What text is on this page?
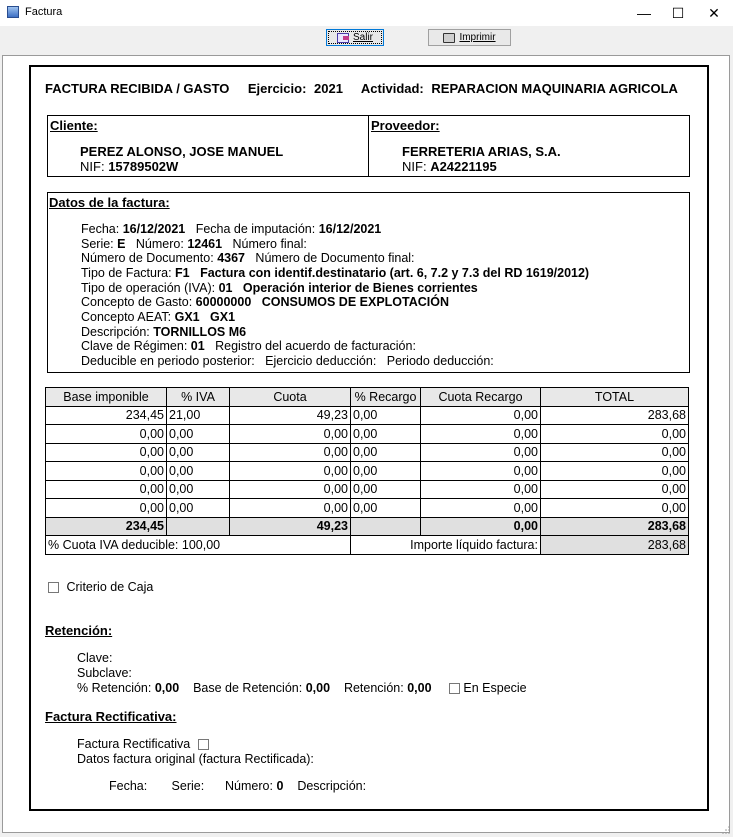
Factura	—	☐	✕
Salir	Imprimir
FACTURA RECIBIDA / GASTO Ejercicio: 2021 Actividad: REPARACION MAQUINARIA AGRICOLA
Cliente:
PEREZ ALONSO, JOSE MANUEL
NIF: 15789502W
Proveedor:
FERRETERIA ARIAS, S.A.
NIF: A24221195
Datos de la factura:
Fecha: 16/12/2021 Fecha de imputación: 16/12/2021
Serie: E Número: 12461 Número final:
Número de Documento: 4367 Número de Documento final:
Tipo de Factura: F1 Factura con identif.destinatario (art. 6, 7.2 y 7.3 del RD 1619/2012)
Tipo de operación (IVA): 01 Operación interior de Bienes corrientes
Concepto de Gasto: 60000000 CONSUMOS DE EXPLOTACIÓN
Concepto AEAT: GX1 GX1
Descripción: TORNILLOS M6
Clave de Régimen: 01 Registro del acuerdo de facturación:
Deducible en periodo posterior: Ejercicio deducción: Periodo deducción:
Base imponible	% IVA	Cuota	% Recargo	Cuota Recargo	TOTAL
234,45	21,00	49,23	0,00	0,00	283,68
0,00	0,00	0,00	0,00	0,00	0,00
0,00	0,00	0,00	0,00	0,00	0,00
0,00	0,00	0,00	0,00	0,00	0,00
0,00	0,00	0,00	0,00	0,00	0,00
0,00	0,00	0,00	0,00	0,00	0,00
234,45		49,23		0,00	283,68
% Cuota IVA deducible: 100,00			Importe líquido factura:		283,68
Criterio de Caja
Retención:
Clave:
Subclave:
% Retención: 0,00 Base de Retención: 0,00 Retención: 0,00	En Especie
Factura Rectificativa:
Factura Rectificativa
Datos factura original (factura Rectificada):
Fecha: Serie: Número: 0 Descripción:
